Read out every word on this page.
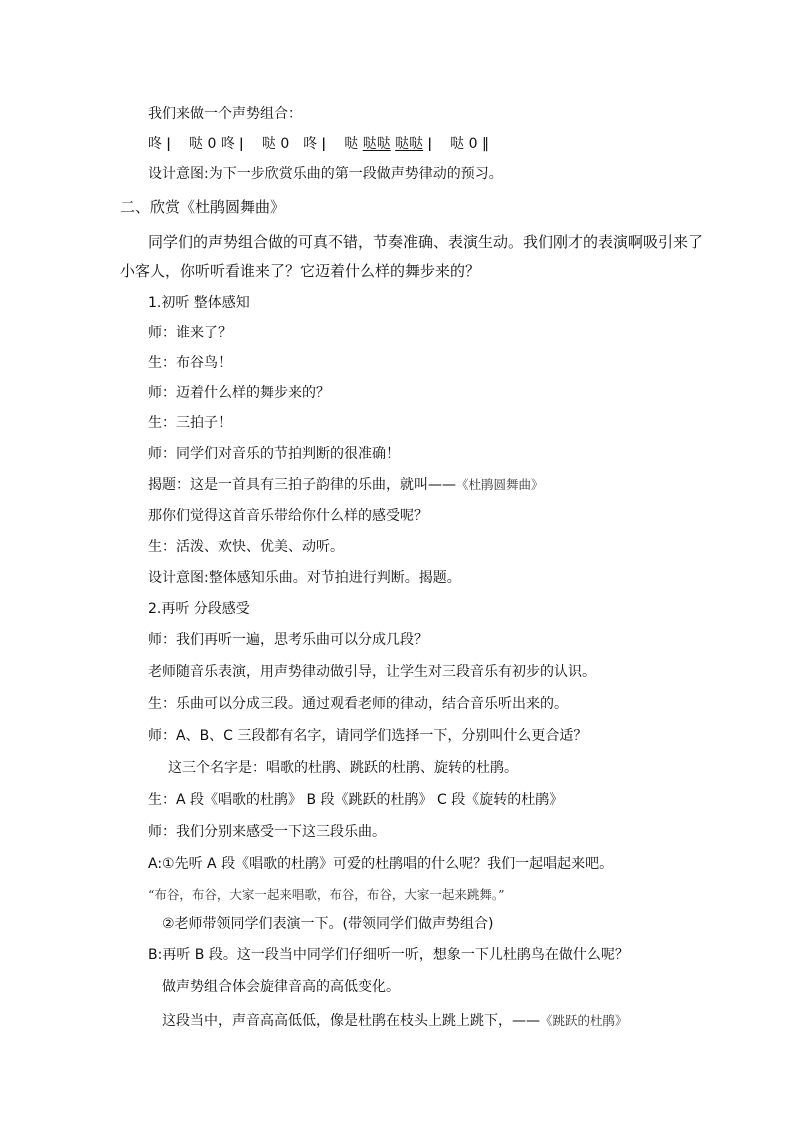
我们来做一个声势组合：
咚 ǀ　 哒 0 咚 ǀ　 哒 0　咚 ǀ　 哒 哒哒 哒哒 ǀ　 哒 0 ‖
设计意图:为下一步欣赏乐曲的第一段做声势律动的预习。
二、欣赏《杜鹃圆舞曲》
同学们的声势组合做的可真不错，节奏准确、表演生动。我们刚才的表演啊吸引来了
小客人，你听听看谁来了？它迈着什么样的舞步来的？
1.初听 整体感知
师：谁来了？
生：布谷鸟！
师：迈着什么样的舞步来的？
生：三拍子！
师：同学们对音乐的节拍判断的很准确！
揭题：这是一首具有三拍子韵律的乐曲，就叫——《杜鹃圆舞曲》
那你们觉得这首音乐带给你什么样的感受呢？
生：活泼、欢快、优美、动听。
设计意图:整体感知乐曲。对节拍进行判断。揭题。
2.再听 分段感受
师：我们再听一遍，思考乐曲可以分成几段？
老师随音乐表演，用声势律动做引导，让学生对三段音乐有初步的认识。
生：乐曲可以分成三段。通过观看老师的律动，结合音乐听出来的。
师：A、B、C 三段都有名字，请同学们选择一下，分别叫什么更合适？
这三个名字是：唱歌的杜鹃、跳跃的杜鹃、旋转的杜鹃。
生：A 段《唱歌的杜鹃》 B 段《跳跃的杜鹃》 C 段《旋转的杜鹃》
师：我们分别来感受一下这三段乐曲。
A:①先听 A 段《唱歌的杜鹃》可爱的杜鹃唱的什么呢？我们一起唱起来吧。
“布谷，布谷，大家一起来唱歌，布谷，布谷，大家一起来跳舞。”
②老师带领同学们表演一下。(带领同学们做声势组合)
B:再听 B 段。这一段当中同学们仔细听一听，想象一下儿杜鹃鸟在做什么呢？
做声势组合体会旋律音高的高低变化。
这段当中，声音高高低低，像是杜鹃在枝头上跳上跳下，——《跳跃的杜鹃》
